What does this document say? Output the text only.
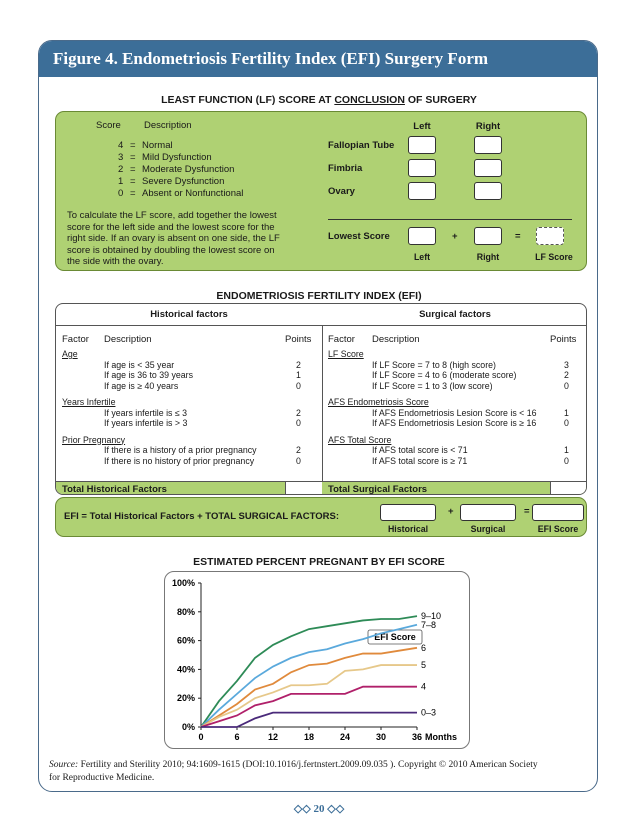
Figure 4. Endometriosis Fertility Index (EFI) Surgery Form
LEAST FUNCTION (LF) SCORE AT CONCLUSION OF SURGERY
Score Description
4 = Normal
3 = Mild Dysfunction
2 = Moderate Dysfunction
1 = Severe Dysfunction
0 = Absent or Nonfunctional
To calculate the LF score, add together the lowest
score for the left side and the lowest score for the
right side. If an ovary is absent on one side, the LF
score is obtained by doubling the lowest score on
the side with the ovary.
Left	Right
Fallopian Tube
Fimbria
Ovary
Lowest Score	+	=
Left	Right	LF Score
ENDOMETRIOSIS FERTILITY INDEX (EFI)
Historical factors	Surgical factors
Factor Description	Points Factor Description	Points
Age
If age is < 35 year	2
If age is 36 to 39 years	1
If age is ≥ 40 years	0
Years Infertile
If years infertile is ≤ 3	2
If years infertile is > 3	0
Prior Pregnancy
If there is a history of a prior pregnancy	2
If there is no history of prior pregnancy	0
LF Score
If LF Score = 7 to 8 (high score)	3
If LF Score = 4 to 6 (moderate score)	2
If LF Score = 1 to 3 (low score)	0
AFS Endometriosis Score
If AFS Endometriosis Lesion Score is < 16	1
If AFS Endometriosis Lesion Score is ≥ 16	0
AFS Total Score
If AFS total score is < 71	1
If AFS total score is ≥ 71	0
Total Historical Factors	Total Surgical Factors
EFI = Total Historical Factors + TOTAL SURGICAL FACTORS:	+	=
Historical	Surgical	EFI Score
ESTIMATED PERCENT PREGNANT BY EFI SCORE
0%
20%
40%
60%
80%
100%
0	6	12	18	24	30	36 Months
EFI Score
9–10
7–8
6
5
4
0–3
Source: Fertility and Sterility 2010; 94:1609-1615 (DOI:10.1016/j.fertnstert.2009.09.035 ). Copyright © 2010 American Society
for Reproductive Medicine.
◇◇ 20 ◇◇
